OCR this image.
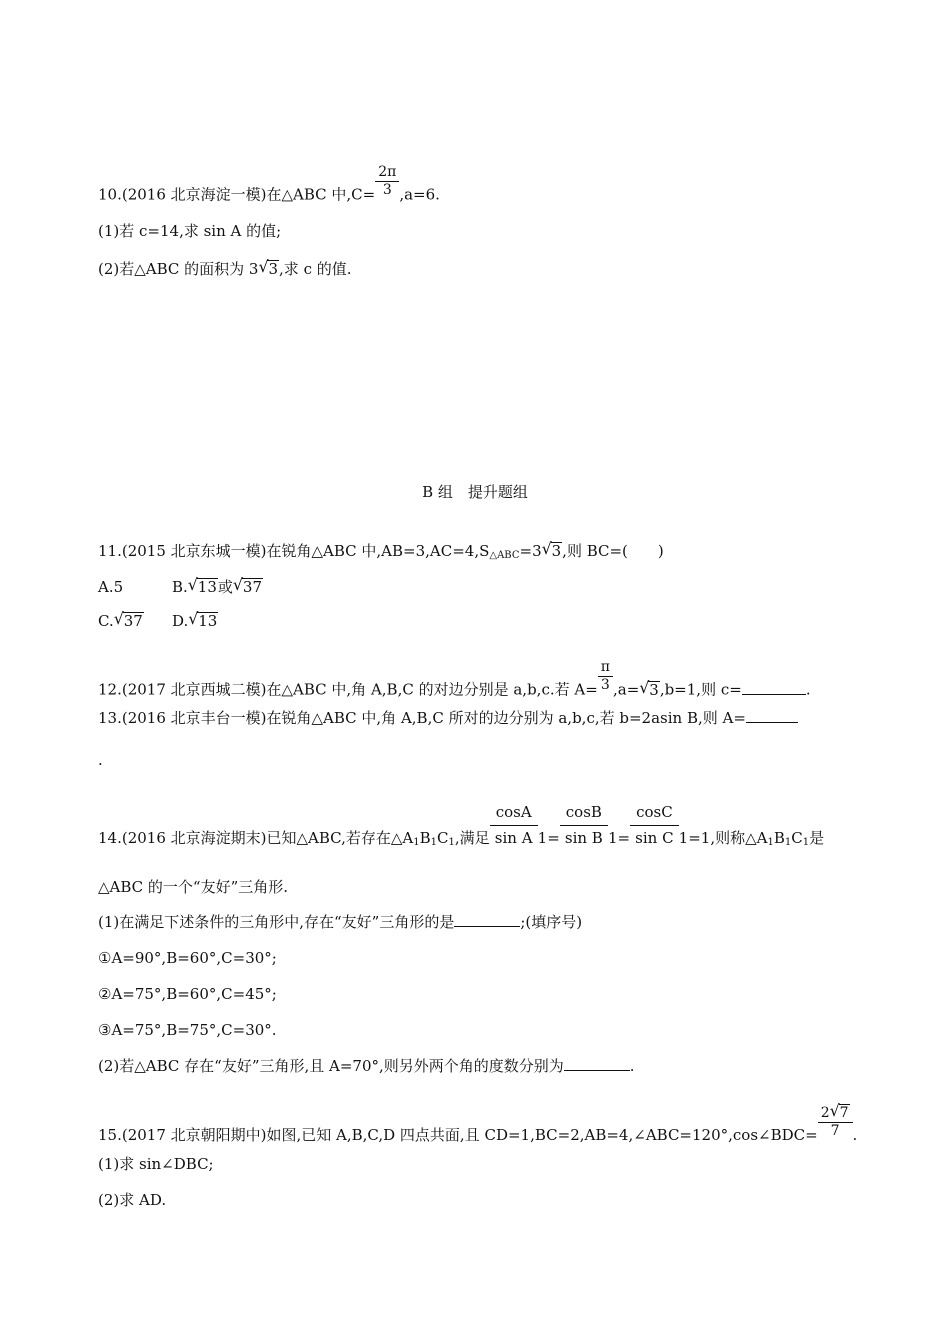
10.(2016 北京海淀一模)在△ABC 中$,C= \frac{2\pi}{3} ,a=6$.
(1)若 c=14,求 sin A 的值;
(2)若△ABC 的面积为 3 √ 3,求 c 的值.
B 组　提升题组
11.(2015 北京东城一模)在锐角△ABC 中$,AB=3,AC=4,S_{\triangle ABC}=3$ √ 3,则 BC=(　　)
A.5	B. √ 13或 √ 37
C. √ 37 D. √ 13
12.(2017 北京西城二模)在△ABC 中,角 A,B,C 的对边分别是 a,b,c.若 $A= \frac{\pi}{3} ,a=$ √ 3,b=1,则 c=	.
13.(2016 北京丰台一模)在锐角△ABC 中,角 A,B,C 所对的边分别为 a,b,c,若 b=2asin B,则 A=
.
14.(2016 北京海淀期末)已知△ABC,若存在$\triangle A_1B_1C_1$,满足 $\frac{\cos A}{\text{sin A}} 1= \frac{\cos B}{\text{sin B}} 1= \frac{\cos C}{\text{sin C}} 1=1$,则称$\triangle A_1B_1C_1$是
△ABC 的一个“友好”三角形.
(1)在满足下述条件的三角形中,存在“友好”三角形的是	;(填序号)
①A=90°,B=60°,C=30°;
②A=75°,B=60°,C=45°;
③A=75°,B=75°,C=30°.
(2)若△ABC 存在“友好”三角形,且 A=70°,则另外两个角的度数分别为	.
15.(2017 北京朝阳期中)如图,已知 A,B,C,D 四点共面,且 CD=1,BC=2,AB=4,∠ABC=120°,cos∠BDC= $\frac{2 √ 7}{7}$ .
(1)求 sin∠DBC;
(2)求 AD.
